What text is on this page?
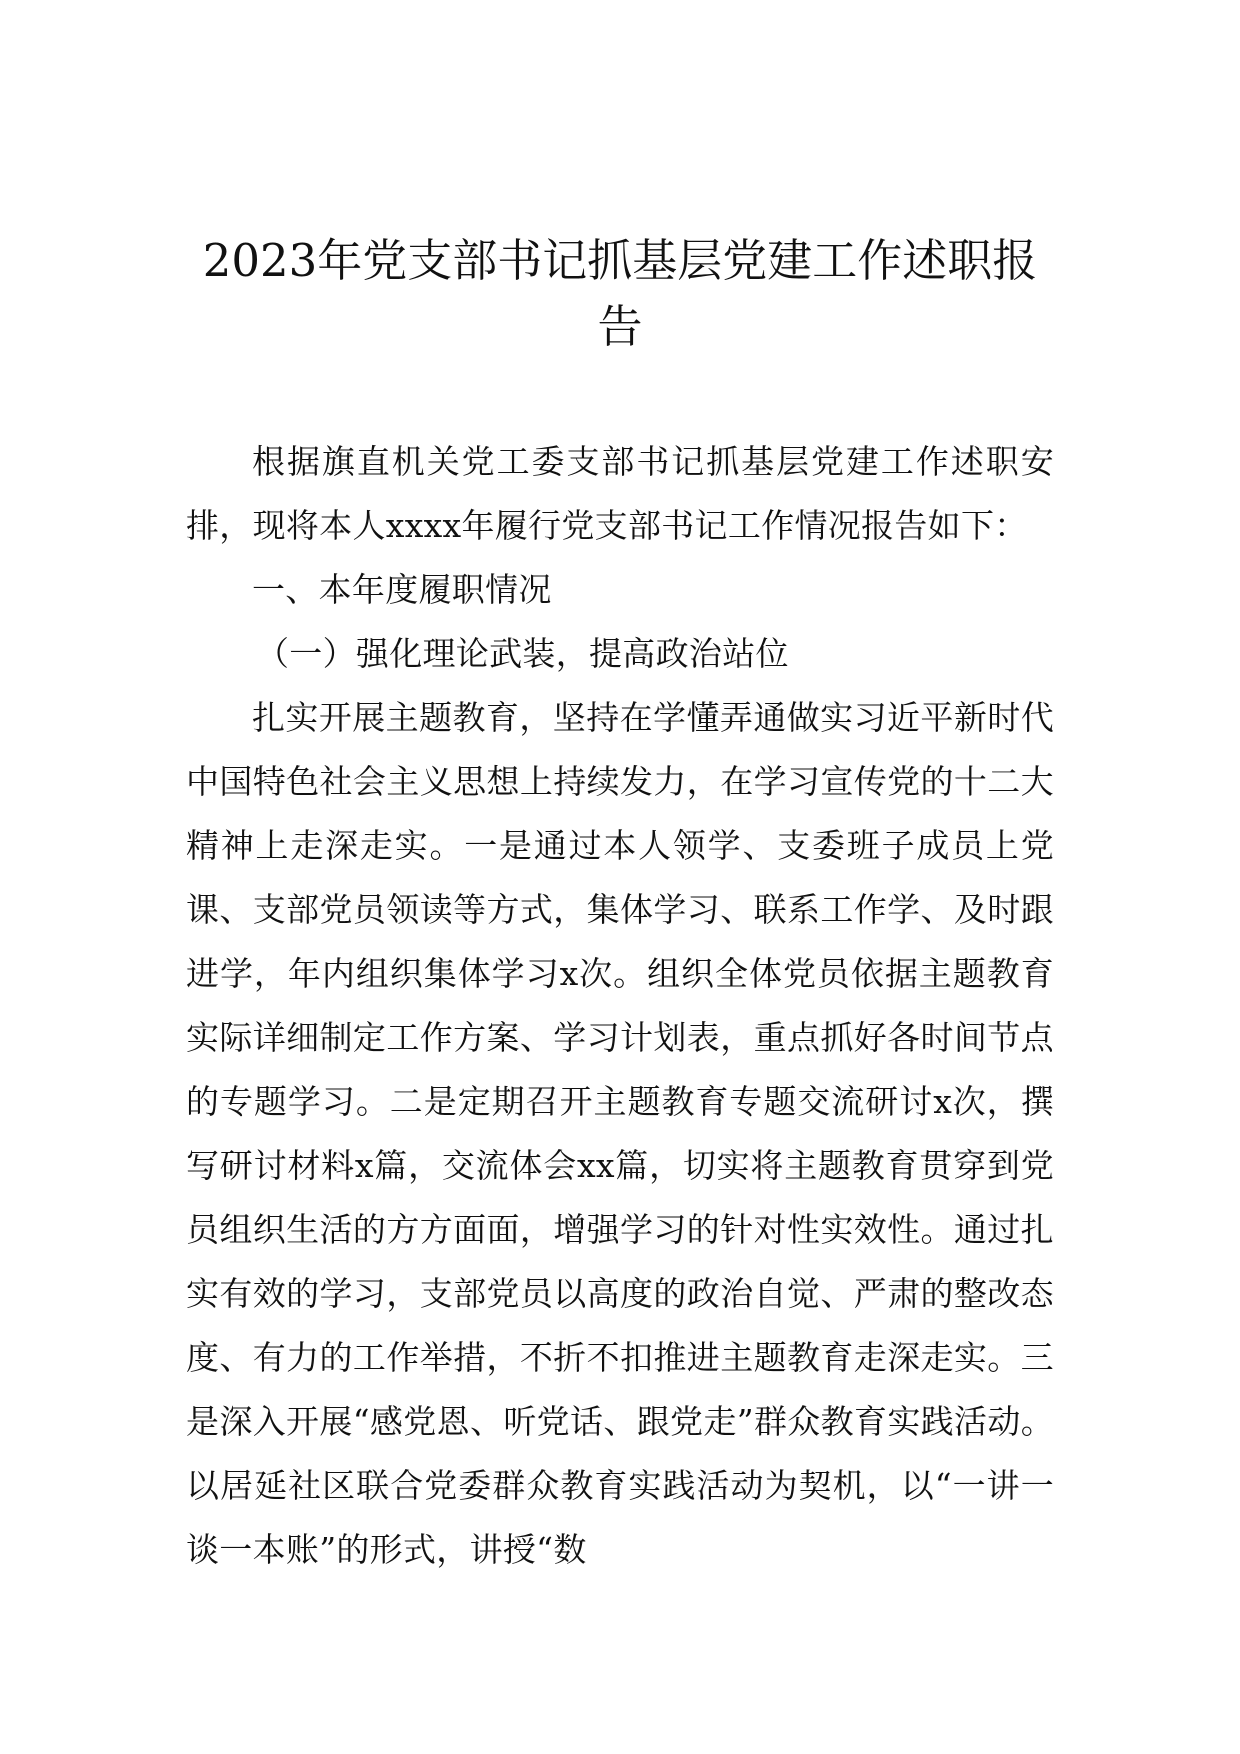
2023年党支部书记抓基层党建工作述职报告

根据旗直机关党工委支部书记抓基层党建工作述职安排，现将本人xxxx年履行党支部书记工作情况报告如下：

一、本年度履职情况

（一）强化理论武装，提高政治站位

扎实开展主题教育，坚持在学懂弄通做实习近平新时代中国特色社会主义思想上持续发力，在学习宣传党的十二大精神上走深走实。一是通过本人领学、支委班子成员上党课、支部党员领读等方式，集体学习、联系工作学、及时跟进学，年内组织集体学习x次。组织全体党员依据主题教育实际详细制定工作方案、学习计划表，重点抓好各时间节点的专题学习。二是定期召开主题教育专题交流研讨x次，撰写研讨材料x篇，交流体会xx篇，切实将主题教育贯穿到党员组织生活的方方面面，增强学习的针对性实效性。通过扎实有效的学习，支部党员以高度的政治自觉、严肃的整改态度、有力的工作举措，不折不扣推进主题教育走深走实。三是深入开展“感党恩、听党话、跟党走”群众教育实践活动。以居延社区联合党委群众教育实践活动为契机，以“一讲一谈一本账”的形式，讲授“数
